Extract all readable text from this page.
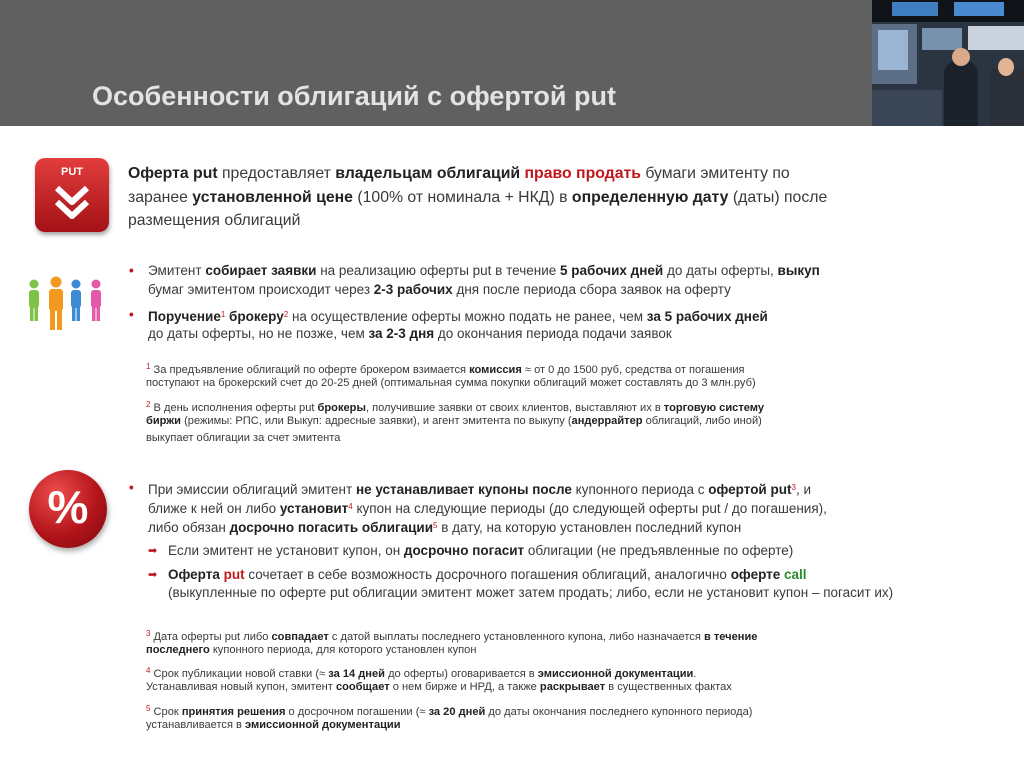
Особенности облигаций с офертой put
PUT
%
Оферта put предоставляет владельцам облигаций право продать бумаги эмитенту по
заранее установленной цене (100% от номинала + НКД) в определенную дату (даты) после
размещения облигаций
• Эмитент собирает заявки на реализацию оферты put в течение 5 рабочих дней до даты оферты, выкуп
бумаг эмитентом происходит через 2-3 рабочих дня после периода сбора заявок на оферту
• Поручение$^1$ брокеру$^2$ на осуществление оферты можно подать не ранее, чем за 5 рабочих дней
до даты оферты, но не позже, чем за 2-3 дня до окончания периода подачи заявок
$^1$ За предъявление облигаций по оферте брокером взимается комиссия ≈ от 0 до 1500 руб, средства от погашения
поступают на брокерский счет до 20-25 дней (оптимальная сумма покупки облигаций может составлять до 3 млн.руб)
$^2$ В день исполнения оферты put брокеры, получившие заявки от своих клиентов, выставляют их в торговую систему
биржи (режимы: РПС, или Выкуп: адресные заявки), и агент эмитента по выкупу (андеррайтер облигаций, либо иной)
выкупает облигации за счет эмитента
• При эмиссии облигаций эмитент не устанавливает купоны после купонного периода с офертой put$^3$, и
ближе к ней он либо установит$^4$ купон на следующие периоды (до следующей оферты put / до погашения),
либо обязан досрочно погасить облигации$^5$ в дату, на которую установлен последний купон
➡ Если эмитент не установит купон, он досрочно погасит облигации (не предъявленные по оферте)
➡ Оферта put сочетает в себе возможность досрочного погашения облигаций, аналогично оферте call
(выкупленные по оферте put облигации эмитент может затем продать; либо, если не установит купон – погасит их)
$^3$ Дата оферты put либо совпадает с датой выплаты последнего установленного купона, либо назначается в течение
последнего купонного периода, для которого установлен купон
$^4$ Срок публикации новой ставки (≈ за 14 дней до оферты) оговаривается в эмиссионной документации.
Устанавливая новый купон, эмитент сообщает о нем бирже и НРД, а также раскрывает в существенных фактах
$^5$ Срок принятия решения о досрочном погашении (≈ за 20 дней до даты окончания последнего купонного периода)
устанавливается в эмиссионной документации
